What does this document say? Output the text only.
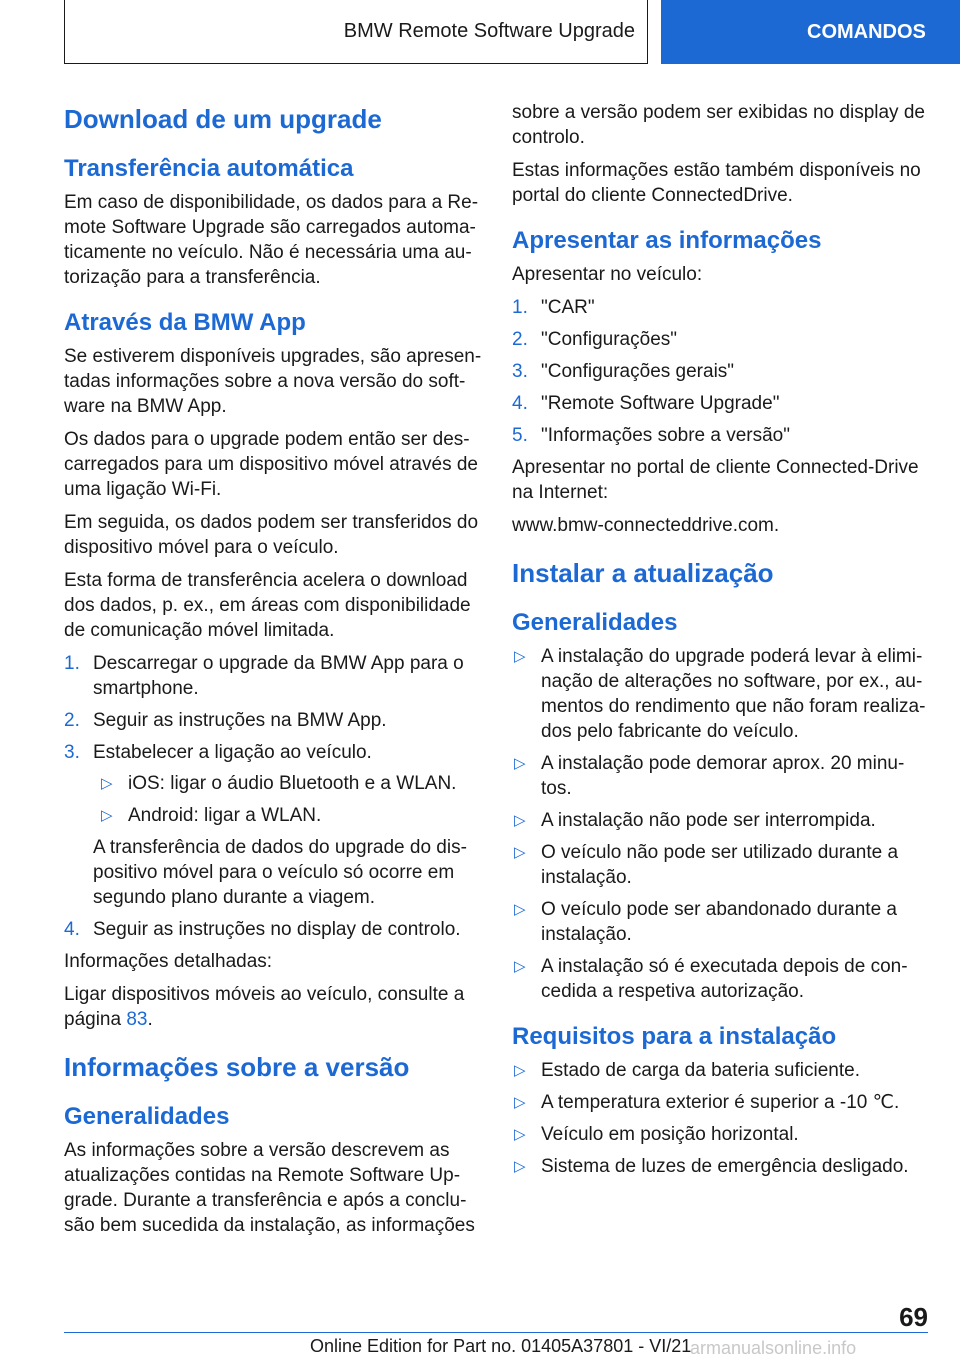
BMW Remote Software Upgrade	COMANDOS
Download de um upgrade
Transferência automática

Em caso de disponibilidade, os dados para a Re-mote Software Upgrade são carregados automa-ticamente no veículo. Não é necessária uma au-torização para a transferência.

Através da BMW App

Se estiverem disponíveis upgrades, são apresen-tadas informações sobre a nova versão do soft-ware na BMW App.

Os dados para o upgrade podem então ser des-carregados para um dispositivo móvel através de uma ligação Wi-Fi.

Em seguida, os dados podem ser transferidos do dispositivo móvel para o veículo.

Esta forma de transferência acelera o download dos dados, p. ex., em áreas com disponibilidade de comunicação móvel limitada.

1. Descarregar o upgrade da BMW App para o smartphone.
2. Seguir as instruções na BMW App.
3. Estabelecer a ligação ao veículo.
▷ iOS: ligar o áudio Bluetooth e a WLAN.
▷ Android: ligar a WLAN.
A transferência de dados do upgrade do dis-positivo móvel para o veículo só ocorre em segundo plano durante a viagem.
4. Seguir as instruções no display de controlo.

Informações detalhadas:

Ligar dispositivos móveis ao veículo, consulte a página 83.

Informações sobre a versão
Generalidades

As informações sobre a versão descrevem as atualizações contidas na Remote Software Up-grade. Durante a transferência e após a conclu-são bem sucedida da instalação, as informações

sobre a versão podem ser exibidas no display de controlo.

Estas informações estão também disponíveis no portal do cliente ConnectedDrive.

Apresentar as informações

Apresentar no veículo:

1. "CAR"
2. "Configurações"
3. "Configurações gerais"
4. "Remote Software Upgrade"
5. "Informações sobre a versão"

Apresentar no portal de cliente Connected-Drive na Internet:

www.bmw-connecteddrive.com.

Instalar a atualização
Generalidades
▷ A instalação do upgrade poderá levar à elimi-nação de alterações no software, por ex., au-mentos do rendimento que não foram realiza-dos pelo fabricante do veículo.
▷ A instalação pode demorar aprox. 20 minu-tos.
▷ A instalação não pode ser interrompida.
▷ O veículo não pode ser utilizado durante a instalação.
▷ O veículo pode ser abandonado durante a instalação.
▷ A instalação só é executada depois de con-cedida a respetiva autorização.
Requisitos para a instalação
▷ Estado de carga da bateria suficiente.
▷ A temperatura exterior é superior a -10 ℃.
▷ Veículo em posição horizontal.
▷ Sistema de luzes de emergência desligado.
69
Online Edition for Part no. 01405A37801 - VI/21
armanualsonline.info
